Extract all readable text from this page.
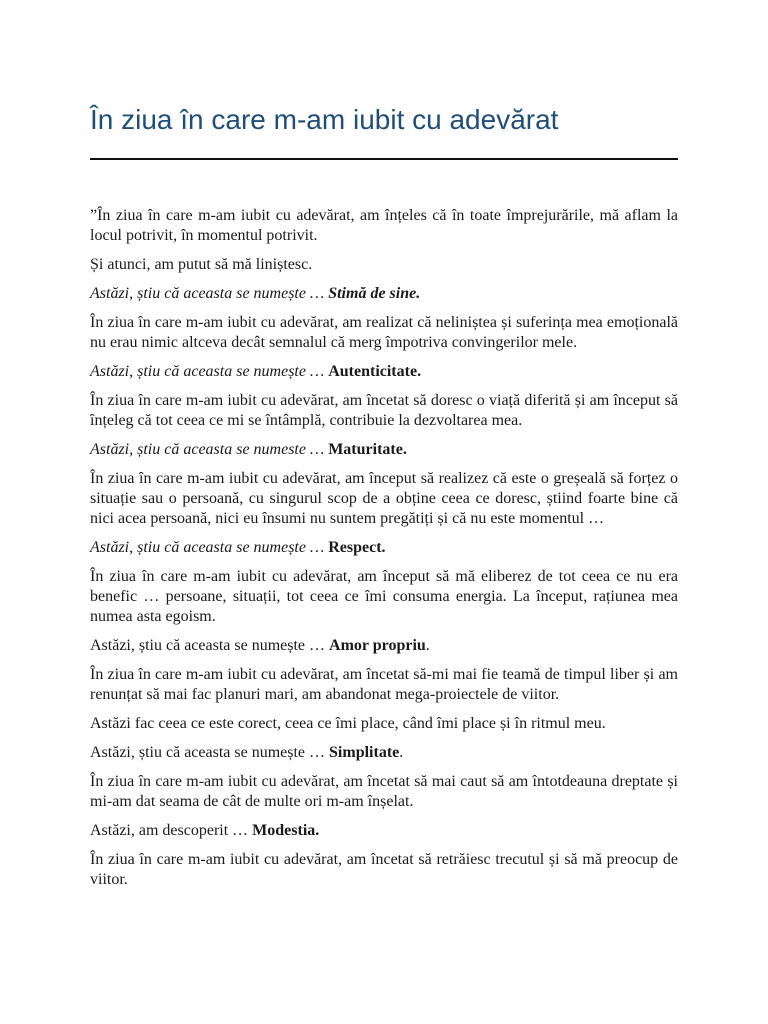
În ziua în care m-am iubit cu adevărat

”În ziua în care m-am iubit cu adevărat, am înțeles că în toate împrejurările, mă aflam la locul potrivit, în momentul potrivit.

Și atunci, am putut să mă liniștesc.

Astăzi, știu că aceasta se numește … Stimă de sine.

În ziua în care m-am iubit cu adevărat, am realizat că neliniștea și suferința mea emoțională nu erau nimic altceva decât semnalul că merg împotriva convingerilor mele.

Astăzi, știu că aceasta se numește … Autenticitate.

În ziua în care m-am iubit cu adevărat, am încetat să doresc o viață diferită și am început să înțeleg că tot ceea ce mi se întâmplă, contribuie la dezvoltarea mea.

Astăzi, știu că aceasta se numeste … Maturitate.

În ziua în care m-am iubit cu adevărat, am început să realizez că este o greșeală să forțez o situație sau o persoană, cu singurul scop de a obține ceea ce doresc, știind foarte bine că nici acea persoană, nici eu însumi nu suntem pregătiți și că nu este momentul …

Astăzi, știu că aceasta se numește … Respect.

În ziua în care m-am iubit cu adevărat, am început să mă eliberez de tot ceea ce nu era benefic … persoane, situații, tot ceea ce îmi consuma energia. La început, rațiunea mea numea asta egoism.

Astăzi, știu că aceasta se numește … Amor propriu.

În ziua în care m-am iubit cu adevărat, am încetat să-mi mai fie teamă de timpul liber și am renunțat să mai fac planuri mari, am abandonat mega-proiectele de viitor.

Astăzi fac ceea ce este corect, ceea ce îmi place, când îmi place și în ritmul meu.

Astăzi, știu că aceasta se numește … Simplitate.

În ziua în care m-am iubit cu adevărat, am încetat să mai caut să am întotdeauna dreptate și mi-am dat seama de cât de multe ori m-am înșelat.

Astăzi, am descoperit … Modestia.

În ziua în care m-am iubit cu adevărat, am încetat să retrăiesc trecutul și să mă preocup de viitor.
